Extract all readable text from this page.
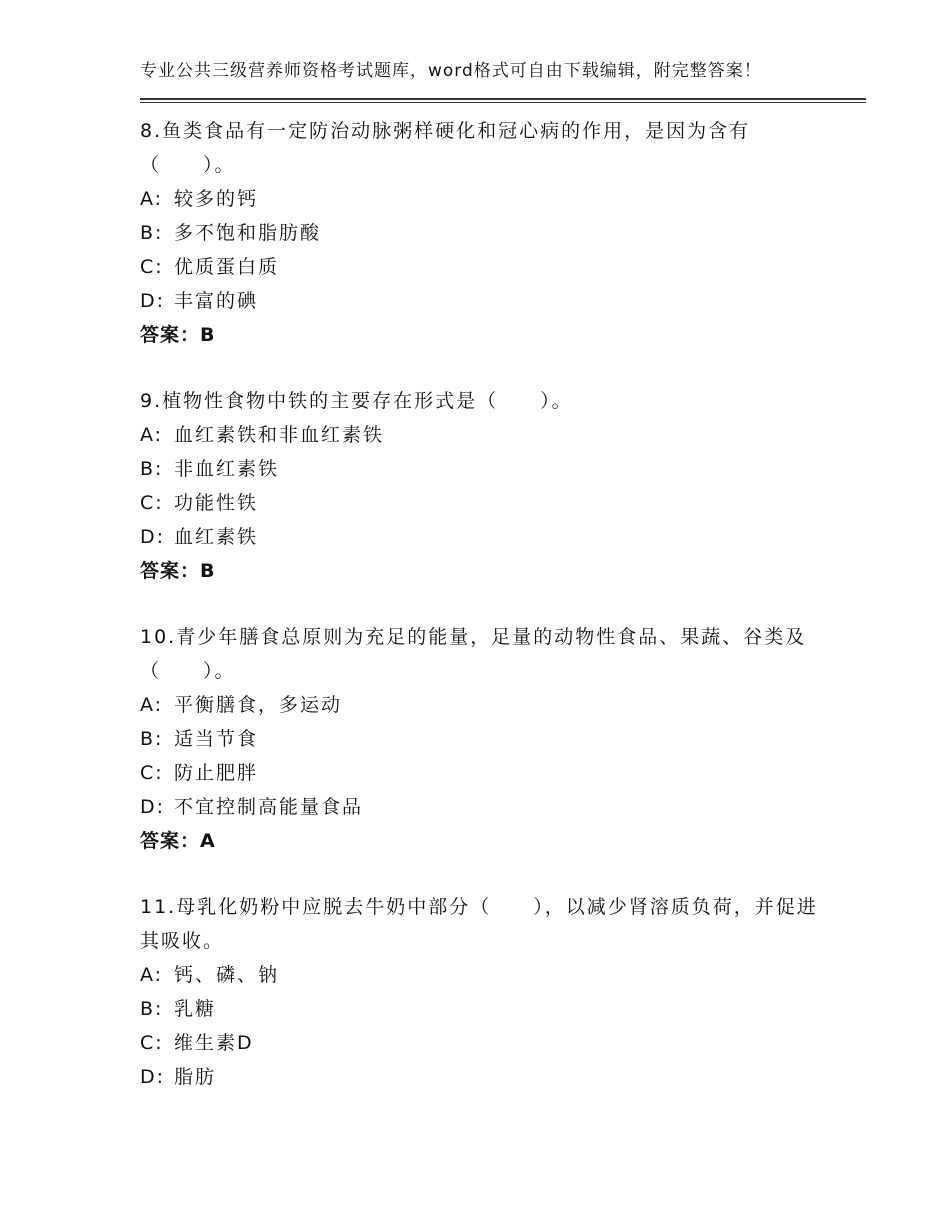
专业公共三级营养师资格考试题库，word格式可自由下载编辑，附完整答案！

8.鱼类食品有一定防治动脉粥样硬化和冠心病的作用，是因为含有（　　）。

A: 较多的钙

B: 多不饱和脂肪酸

C: 优质蛋白质

D: 丰富的碘

答案：B

9.植物性食物中铁的主要存在形式是（　　）。

A: 血红素铁和非血红素铁

B: 非血红素铁

C: 功能性铁

D: 血红素铁

答案：B

10.青少年膳食总原则为充足的能量，足量的动物性食品、果蔬、谷类及（　　）。

A: 平衡膳食，多运动

B: 适当节食

C: 防止肥胖

D: 不宜控制高能量食品

答案：A

11.母乳化奶粉中应脱去牛奶中部分（　　），以减少肾溶质负荷，并促进其吸收。

A: 钙、磷、钠

B: 乳糖

C: 维生素D

D: 脂肪
